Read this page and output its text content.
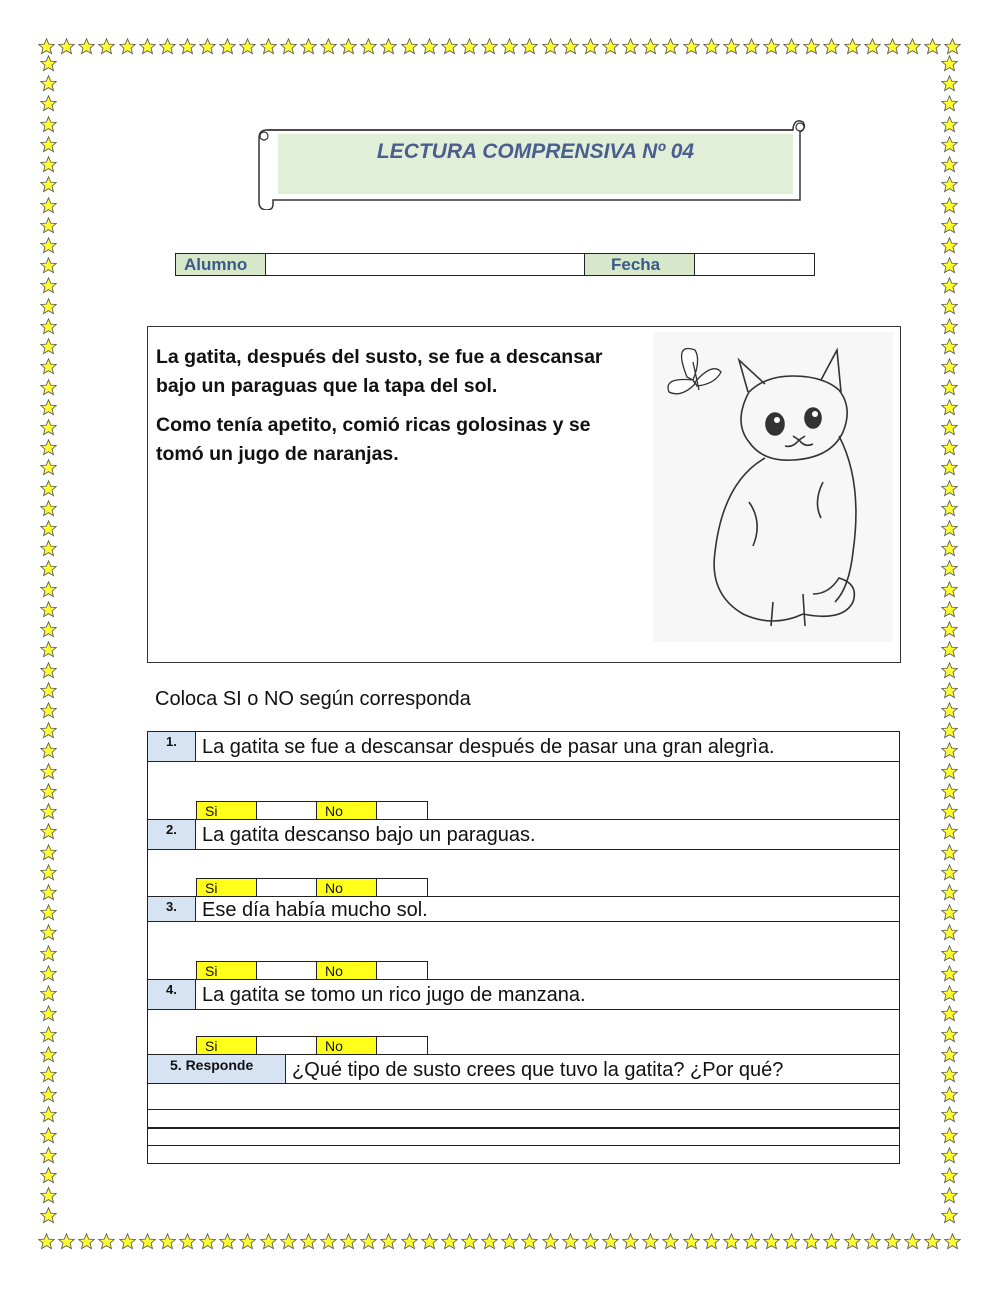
LECTURA COMPRENSIVA Nº 04
Alumno	Fecha

La gatita, después del susto, se fue a descansar bajo un paraguas que la tapa del sol.

Como tenía apetito, comió ricas golosinas y se tomó un jugo de naranjas.

Coloca SI o NO según corresponda
1.	La gatita se fue a descansar después de pasar una gran alegrìa.
Si	No
2.	La gatita descanso bajo un paraguas.
Si	No
3.	Ese día había mucho sol.
Si	No
4.	La gatita se tomo un rico jugo de manzana.
Si	No
5. Responde	¿Qué tipo de susto crees que tuvo la gatita? ¿Por qué?
